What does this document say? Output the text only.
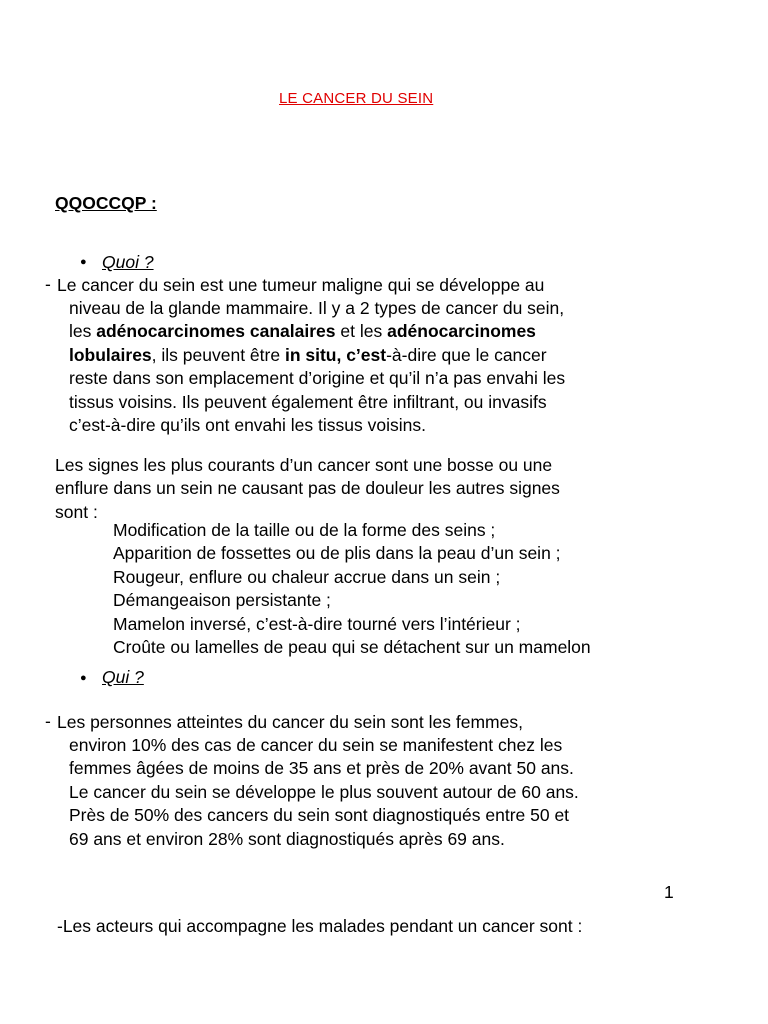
LE CANCER DU SEIN

QQOCCQP :

● Quoi ?

- Le cancer du sein est une tumeur maligne qui se développe au

niveau de la glande mammaire. Il y a 2 types de cancer du sein,

les adénocarcinomes canalaires et les adénocarcinomes

lobulaires, ils peuvent être in situ, c’est-à-dire que le cancer

reste dans son emplacement d’origine et qu’il n’a pas envahi les

tissus voisins. Ils peuvent également être infiltrant, ou invasifs

c’est-à-dire qu’ils ont envahi les tissus voisins.

Les signes les plus courants d’un cancer sont une bosse ou une

enflure dans un sein ne causant pas de douleur les autres signes

sont :

Modification de la taille ou de la forme des seins ;

Apparition de fossettes ou de plis dans la peau d’un sein ;

Rougeur, enflure ou chaleur accrue dans un sein ;

Démangeaison persistante ;

Mamelon inversé, c’est-à-dire tourné vers l’intérieur ;

Croûte ou lamelles de peau qui se détachent sur un mamelon

● Qui ?

- Les personnes atteintes du cancer du sein sont les femmes,

environ 10% des cas de cancer du sein se manifestent chez les

femmes âgées de moins de 35 ans et près de 20% avant 50 ans.

Le cancer du sein se développe le plus souvent autour de 60 ans.

Près de 50% des cancers du sein sont diagnostiqués entre 50 et

69 ans et environ 28% sont diagnostiqués après 69 ans.

1

-Les acteurs qui accompagne les malades pendant un cancer sont :
